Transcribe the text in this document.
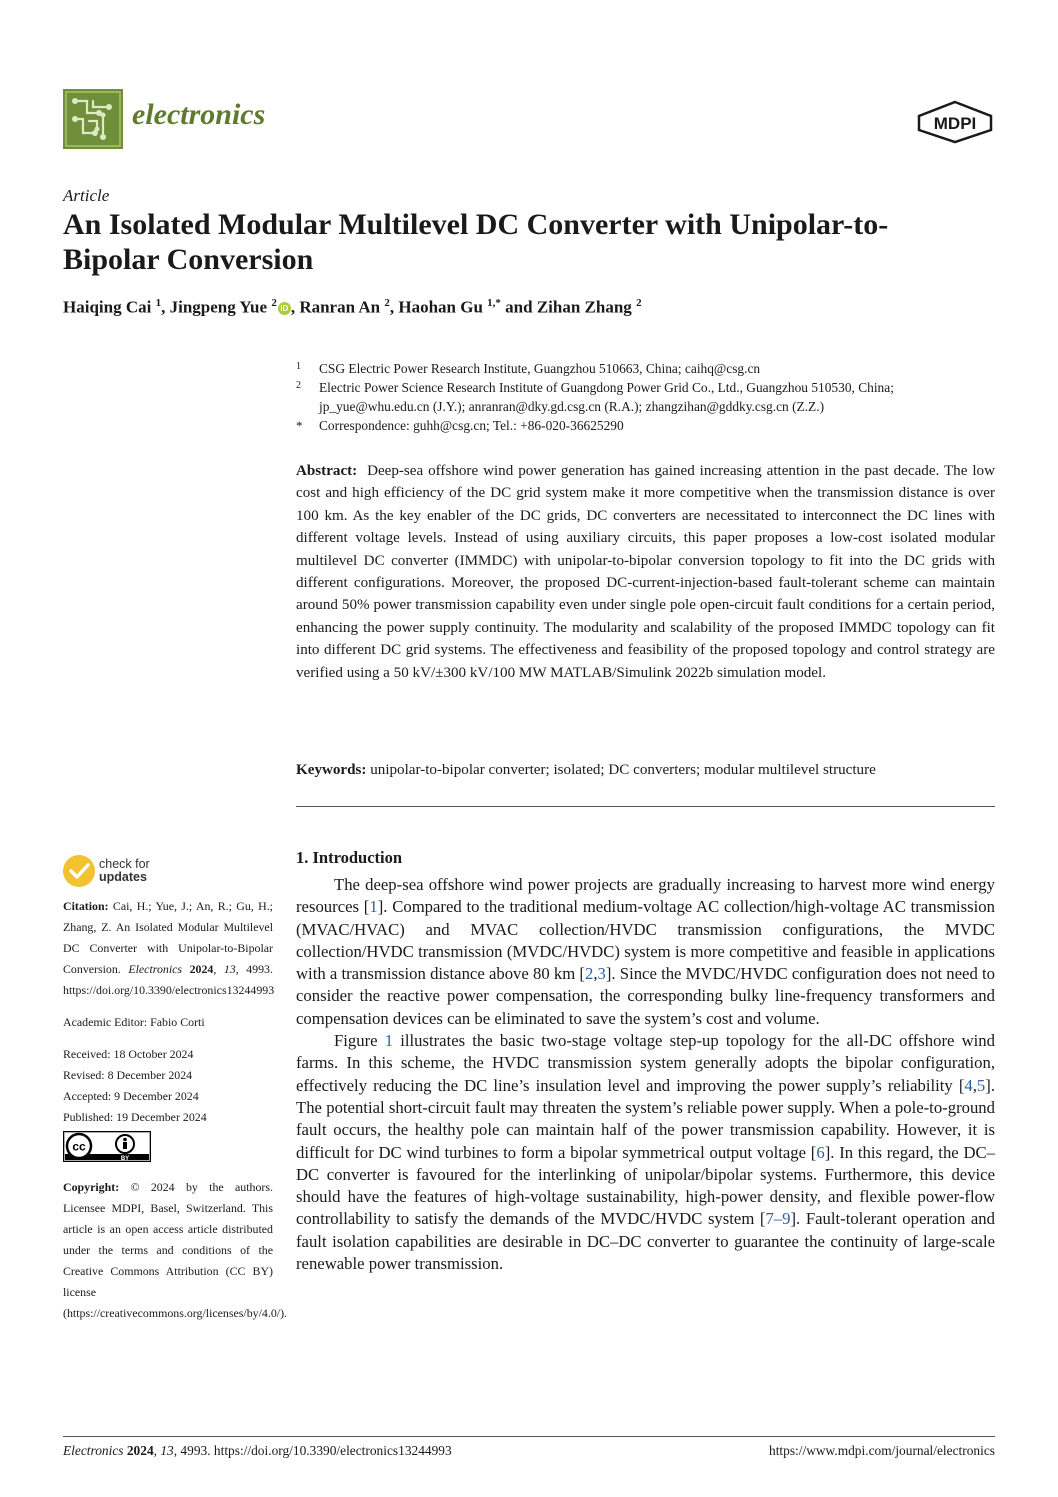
electronics	MDPI
Article
An Isolated Modular Multilevel DC Converter with Unipolar-to-Bipolar Conversion
Haiqing Cai $^1$, Jingpeng Yue $^2$ iD , Ranran An $^2$, Haohan Gu $^{1,*}$ and Zihan Zhang $^2$
1 CSG Electric Power Research Institute, Guangzhou 510663, China; caihq@csg.cn
2 Electric Power Science Research Institute of Guangdong Power Grid Co., Ltd., Guangzhou 510530, China;
jp_yue@whu.edu.cn (J.Y.); anranran@dky.gd.csg.cn (R.A.); zhangzihan@gddky.csg.cn (Z.Z.)
* Correspondence: guhh@csg.cn; Tel.: +86-020-36625290
Abstract: Deep-sea offshore wind power generation has gained increasing attention in the past decade. The low cost and high efficiency of the DC grid system make it more competitive when the transmission distance is over 100 km. As the key enabler of the DC grids, DC converters are necessitated to interconnect the DC lines with different voltage levels. Instead of using auxiliary circuits, this paper proposes a low-cost isolated modular multilevel DC converter (IMMDC) with unipolar-to-bipolar conversion topology to fit into the DC grids with different configurations. Moreover, the proposed DC-current-injection-based fault-tolerant scheme can maintain around 50% power transmission capability even under single pole open-circuit fault conditions for a certain period, enhancing the power supply continuity. The modularity and scalability of the proposed IMMDC topology can fit into different DC grid systems. The effectiveness and feasibility of the proposed topology and control strategy are verified using a 50 kV/±300 kV/100 MW MATLAB/Simulink 2022b simulation model.
Keywords: unipolar-to-bipolar converter; isolated; DC converters; modular multilevel structure
check for
updates

Citation: Cai, H.; Yue, J.; An, R.; Gu, H.; Zhang, Z. An Isolated Modular Multilevel DC Converter with Unipolar-to-Bipolar Conversion. Electronics 2024, 13, 4993. https://doi.org/10.3390/electronics13244993

Academic Editor: Fabio Corti

Received: 18 October 2024

Revised: 8 December 2024

Accepted: 9 December 2024

Published: 19 December 2024

cc
BY

Copyright: © 2024 by the authors. Licensee MDPI, Basel, Switzerland. This article is an open access article distributed under the terms and conditions of the Creative Commons Attribution (CC BY) license (https://creativecommons.org/licenses/by/4.0/).

1. Introduction

The deep-sea offshore wind power projects are gradually increasing to harvest more wind energy resources [1]. Compared to the traditional medium-voltage AC collection/high-voltage AC transmission (MVAC/HVAC) and MVAC collection/HVDC transmission configurations, the MVDC collection/HVDC transmission (MVDC/HVDC) system is more competitive and feasible in applications with a transmission distance above 80 km [2,3]. Since the MVDC/HVDC configuration does not need to consider the reactive power compensation, the corresponding bulky line-frequency transformers and compensation devices can be eliminated to save the system’s cost and volume.

Figure 1 illustrates the basic two-stage voltage step-up topology for the all-DC offshore wind farms. In this scheme, the HVDC transmission system generally adopts the bipolar configuration, effectively reducing the DC line’s insulation level and improving the power supply’s reliability [4,5]. The potential short-circuit fault may threaten the system’s reliable power supply. When a pole-to-ground fault occurs, the healthy pole can maintain half of the power transmission capability. However, it is difficult for DC wind turbines to form a bipolar symmetrical output voltage [6]. In this regard, the DC–DC converter is favoured for the interlinking of unipolar/bipolar systems. Furthermore, this device should have the features of high-voltage sustainability, high-power density, and flexible power-flow controllability to satisfy the demands of the MVDC/HVDC system [7–9]. Fault-tolerant operation and fault isolation capabilities are desirable in DC–DC converter to guarantee the continuity of large-scale renewable power transmission.

Electronics 2024, 13, 4993. https://doi.org/10.3390/electronics13244993	https://www.mdpi.com/journal/electronics
